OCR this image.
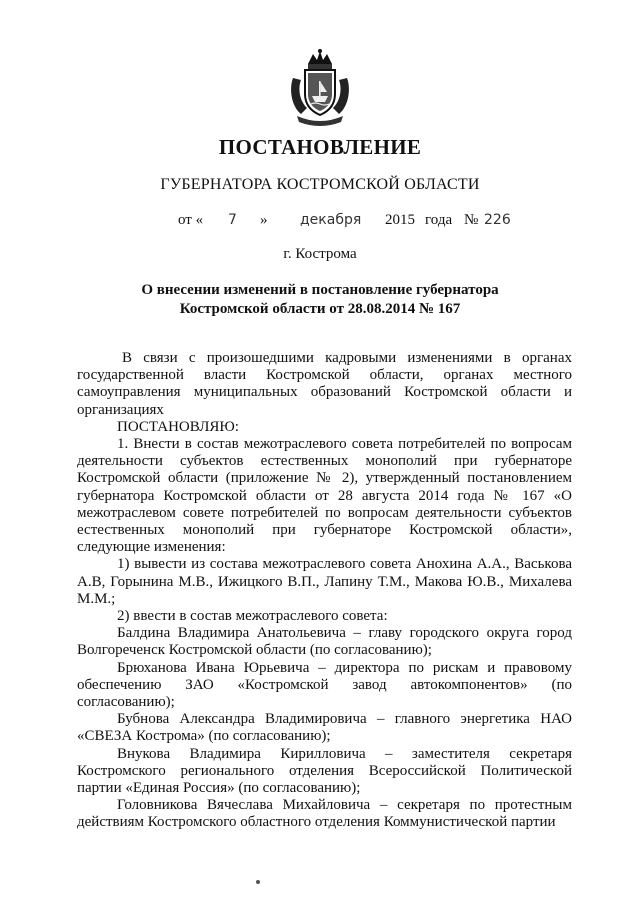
ПОСТАНОВЛЕНИЕ
ГУБЕРНАТОРА КОСТРОМСКОЙ ОБЛАСТИ
от « 7 » декабря 2015 года № 226
г. Кострома
О внесении изменений в постановление губернатора
Костромской области от 28.08.2014 № 167

В связи с произошедшими кадровыми изменениями в органах государственной власти Костромской области, органах местного самоуправления муниципальных образований Костромской области и организациях

ПОСТАНОВЛЯЮ:

1. Внести в состав межотраслевого совета потребителей по вопросам деятельности субъектов естественных монополий при губернаторе Костромской области (приложение № 2), утвержденный постановлением губернатора Костромской области от 28 августа 2014 года № 167 «О межотраслевом совете потребителей по вопросам деятельности субъектов естественных монополий при губернаторе Костромской области», следующие изменения:

1) вывести из состава межотраслевого совета Анохина А.А., Васькова А.В, Горынина М.В., Ижицкого В.П., Лапину Т.М., Макова Ю.В., Михалева М.М.;

2) ввести в состав межотраслевого совета:

Балдина Владимира Анатольевича – главу городского округа город Волгореченск Костромской области (по согласованию);

Брюханова Ивана Юрьевича – директора по рискам и правовому обеспечению ЗАО «Костромской завод автокомпонентов» (по согласованию);

Бубнова Александра Владимировича – главного энергетика НАО «СВЕЗА Кострома» (по согласованию);

Внукова Владимира Кирилловича – заместителя секретаря Костромского регионального отделения Всероссийской Политической партии «Единая Россия» (по согласованию);

Головникова Вячеслава Михайловича – секретаря по протестным действиям Костромского областного отделения Коммунистической партии
